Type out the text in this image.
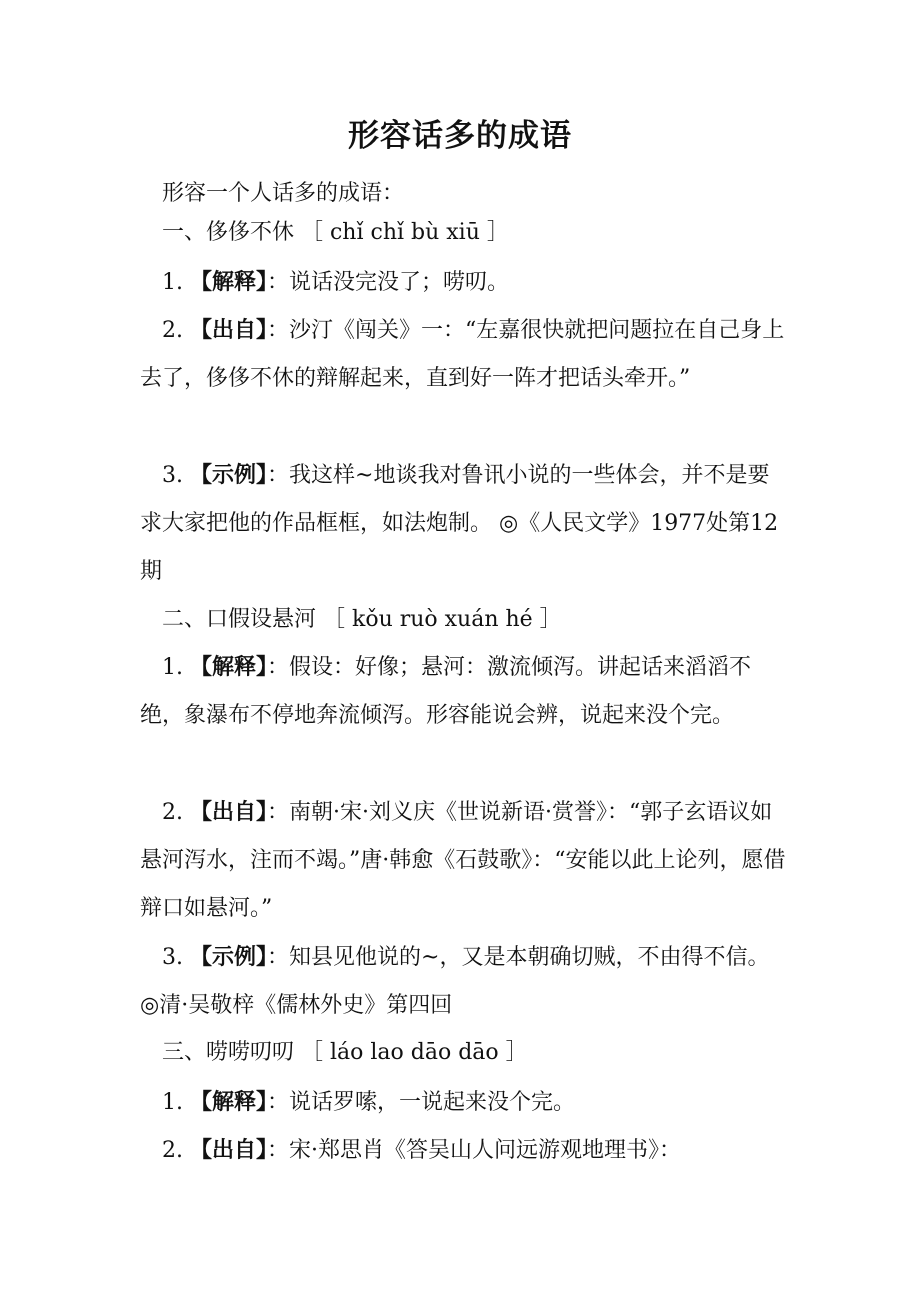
形容话多的成语
形容一个人话多的成语：
一、侈侈不休 ［ chǐ chǐ bù xiū ］
1. 【解释】：说话没完没了；唠叨。
2. 【出自】：沙汀《闯关》一：“左嘉很快就把问题拉在自己身上去了，侈侈不休的辩解起来，直到好一阵才把话头牵开。”
3. 【示例】：我这样~地谈我对鲁讯小说的一些体会，并不是要求大家把他的作品框框，如法炮制。 ◎《人民文学》1977处第12期
二、口假设悬河 ［ kǒu ruò xuán hé ］
1. 【解释】：假设：好像；悬河：激流倾泻。讲起话来滔滔不绝，象瀑布不停地奔流倾泻。形容能说会辨，说起来没个完。
2. 【出自】：南朝·宋·刘义庆《世说新语·赏誉》：“郭子玄语议如悬河泻水，注而不竭。”唐·韩愈《石鼓歌》：“安能以此上论列，愿借辩口如悬河。”
3. 【示例】：知县见他说的~，又是本朝确切贼，不由得不信。 ◎清·吴敬梓《儒林外史》第四回
三、唠唠叨叨 ［ láo lao dāo dāo ］
1. 【解释】：说话罗嗦，一说起来没个完。
2. 【出自】：宋·郑思肖《答吴山人问远游观地理书》：
